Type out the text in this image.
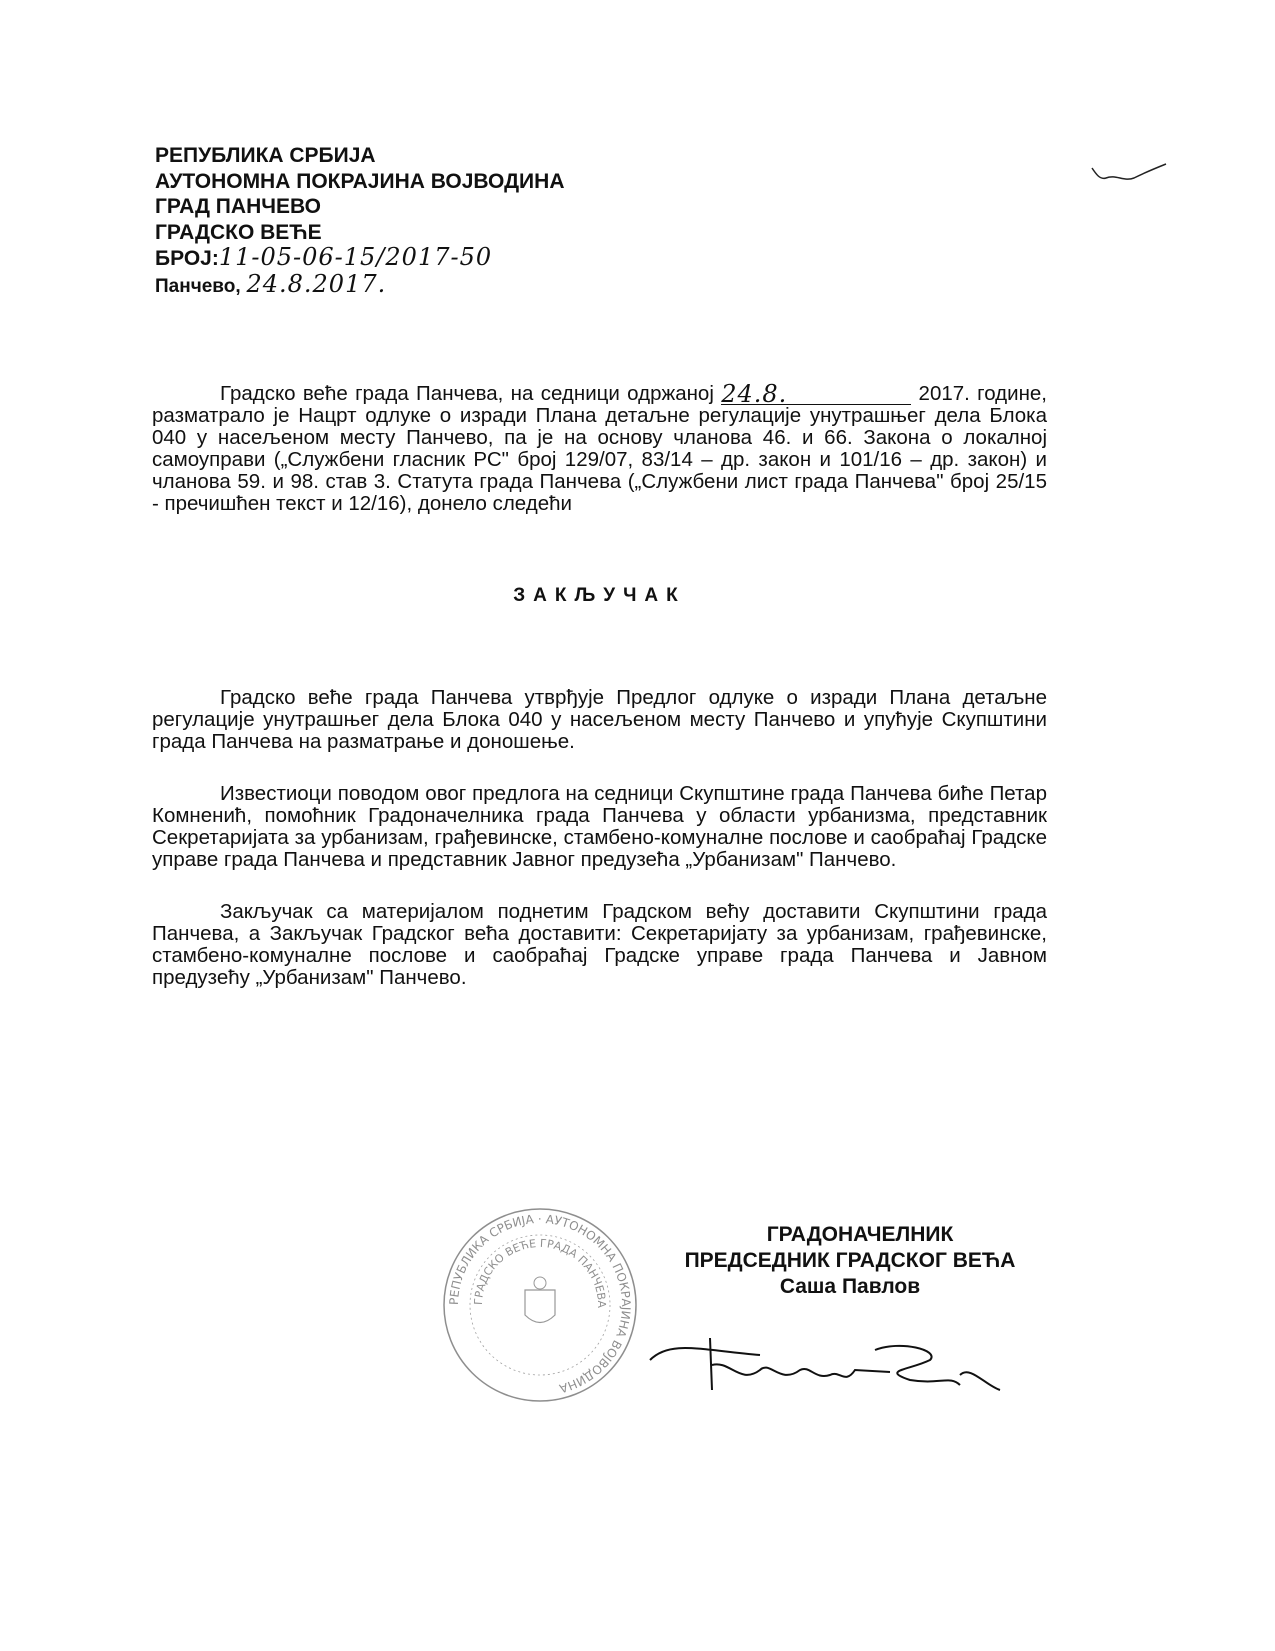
РЕПУБЛИКА СРБИЈА
АУТОНОМНА ПОКРАЈИНА ВОЈВОДИНА
ГРАД ПАНЧЕВО
ГРАДСКО ВЕЋЕ
БРОЈ:11-05-06-15/2017-50
Панчево, 24.8.2017.

Градско веће града Панчева, на седници одржаној 24.8.	2017. године, разматрало је Нацрт одлуке о изради Плана детаљне регулације унутрашњег дела Блока 040 у насељеном месту Панчево, па је на основу чланова 46. и 66. Закона о локалној самоуправи („Службени гласник РС" број 129/07, 83/14 – др. закон и 101/16 – др. закон) и чланова 59. и 98. став 3. Статута града Панчева („Службени лист града Панчева" број 25/15 - пречишћен текст и 12/16), донело следећи

ЗАКЉУЧАК

Градско веће града Панчева утврђује Предлог одлуке о изради Плана детаљне регулације унутрашњег дела Блока 040 у насељеном месту Панчево и упућује Скупштини града Панчева на разматрање и доношење.

Известиоци поводом овог предлога на седници Скупштине града Панчева биће Петар Комненић, помоћник Градоначелника града Панчева у области урбанизма, представник Секретаријата за урбанизам, грађевинске, стамбено-комуналне послове и саобраћај Градске управе града Панчева и представник Јавног предузећа „Урбанизам" Панчево.

Закључак са материјалом поднетим Градском већу доставити Скупштини града Панчева, а Закључак Градског већа доставити: Секретаријату за урбанизам, грађевинске, стамбено-комуналне послове и саобраћај Градске управе града Панчева и Јавном предузећу „Урбанизам" Панчево.

РЕПУБЛИКА СРБИЈА · АУТОНОМНА ПОКРАЈИНА ВОЈВОДИНА
ГРАДСКО ВЕЋЕ ГРАДА ПАНЧЕВА
ГРАДОНАЧЕЛНИК
ПРЕДСЕДНИК ГРАДСКОГ ВЕЋА
Саша Павлов
